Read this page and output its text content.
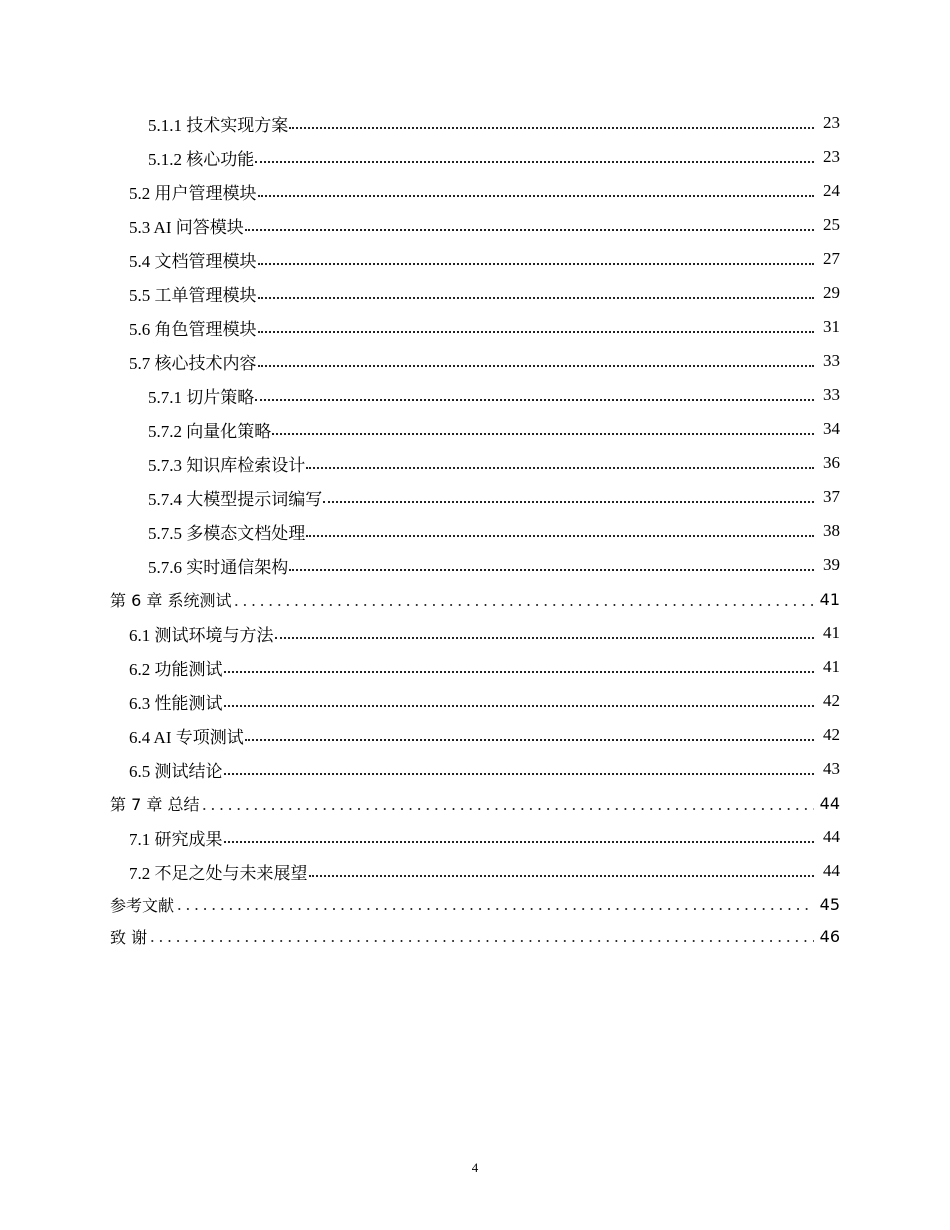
5.1.1 技术实现方案	23
5.1.2 核心功能	23
5.2 用户管理模块	24
5.3 AI 问答模块	25
5.4 文档管理模块	27
5.5 工单管理模块	29
5.6 角色管理模块	31
5.7 核心技术内容	33
5.7.1 切片策略	33
5.7.2 向量化策略	34
5.7.3 知识库检索设计	36
5.7.4 大模型提示词编写	37
5.7.5 多模态文档处理	38
5.7.6 实时通信架构	39
第 6 章 系统测试	41
6.1 测试环境与方法	41
6.2 功能测试	41
6.3 性能测试	42
6.4 AI 专项测试	42
6.5 测试结论	43
第 7 章 总结	44
7.1 研究成果	44
7.2 不足之处与未来展望	44
参考文献	45
致 谢	46
4
